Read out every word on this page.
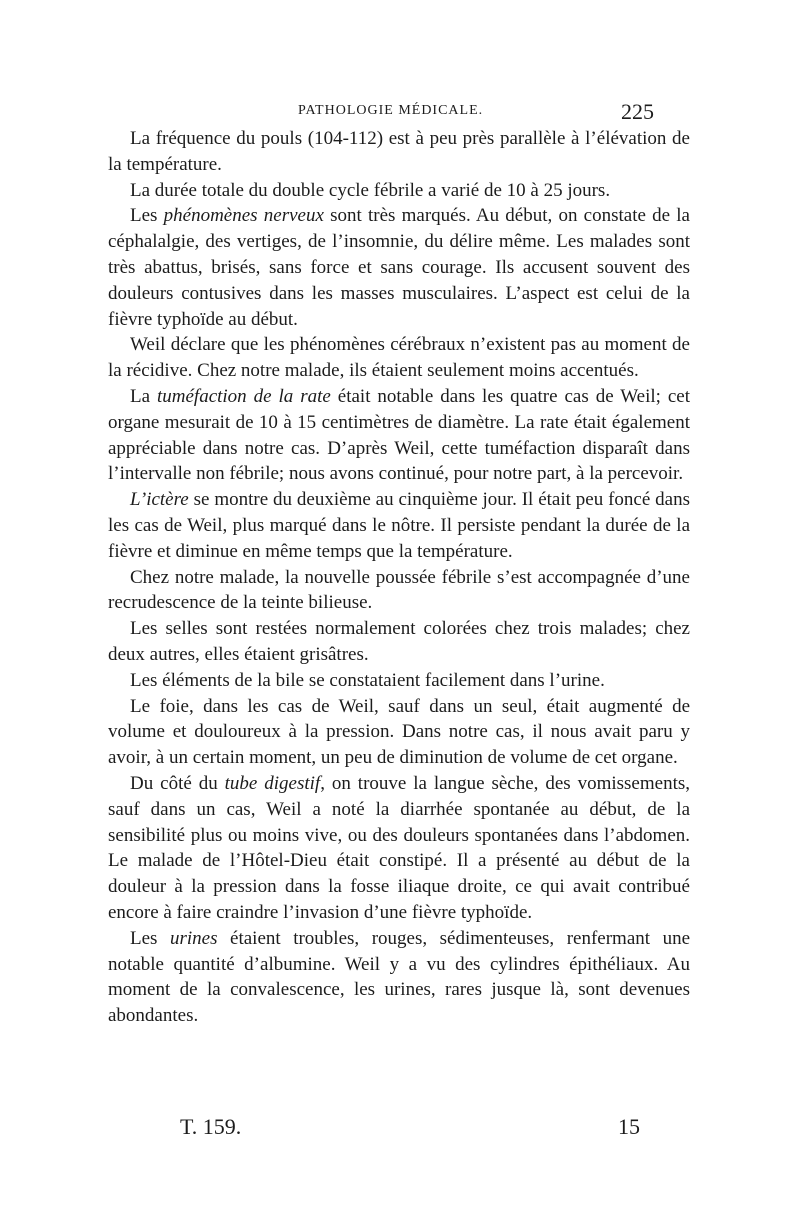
PATHOLOGIE MÉDICALE.	225

La fréquence du pouls (104-112) est à peu près parallèle à l’élévation de la température.

La durée totale du double cycle fébrile a varié de 10 à 25 jours.

Les phénomènes nerveux sont très marqués. Au début, on constate de la céphalalgie, des vertiges, de l’insomnie, du délire même. Les malades sont très abattus, brisés, sans force et sans courage. Ils accusent souvent des douleurs contusives dans les masses musculaires. L’aspect est celui de la fièvre typhoïde au début.

Weil déclare que les phénomènes cérébraux n’existent pas au moment de la récidive. Chez notre malade, ils étaient seulement moins accentués.

La tuméfaction de la rate était notable dans les quatre cas de Weil; cet organe mesurait de 10 à 15 centimètres de diamètre. La rate était également appréciable dans notre cas. D’après Weil, cette tuméfaction disparaît dans l’intervalle non fébrile; nous avons continué, pour notre part, à la percevoir.

L’ictère se montre du deuxième au cinquième jour. Il était peu foncé dans les cas de Weil, plus marqué dans le nôtre. Il persiste pendant la durée de la fièvre et diminue en même temps que la température.

Chez notre malade, la nouvelle poussée fébrile s’est accompagnée d’une recrudescence de la teinte bilieuse.

Les selles sont restées normalement colorées chez trois malades; chez deux autres, elles étaient grisâtres.

Les éléments de la bile se constataient facilement dans l’urine.

Le foie, dans les cas de Weil, sauf dans un seul, était augmenté de volume et douloureux à la pression. Dans notre cas, il nous avait paru y avoir, à un certain moment, un peu de diminution de volume de cet organe.

Du côté du tube digestif, on trouve la langue sèche, des vomissements, sauf dans un cas, Weil a noté la diarrhée spontanée au début, de la sensibilité plus ou moins vive, ou des douleurs spontanées dans l’abdomen. Le malade de l’Hôtel-Dieu était constipé. Il a présenté au début de la douleur à la pression dans la fosse iliaque droite, ce qui avait contribué encore à faire craindre l’invasion d’une fièvre typhoïde.

Les urines étaient troubles, rouges, sédimenteuses, renfermant une notable quantité d’albumine. Weil y a vu des cylindres épithéliaux. Au moment de la convalescence, les urines, rares jusque là, sont devenues abondantes.

T. 159.	15
